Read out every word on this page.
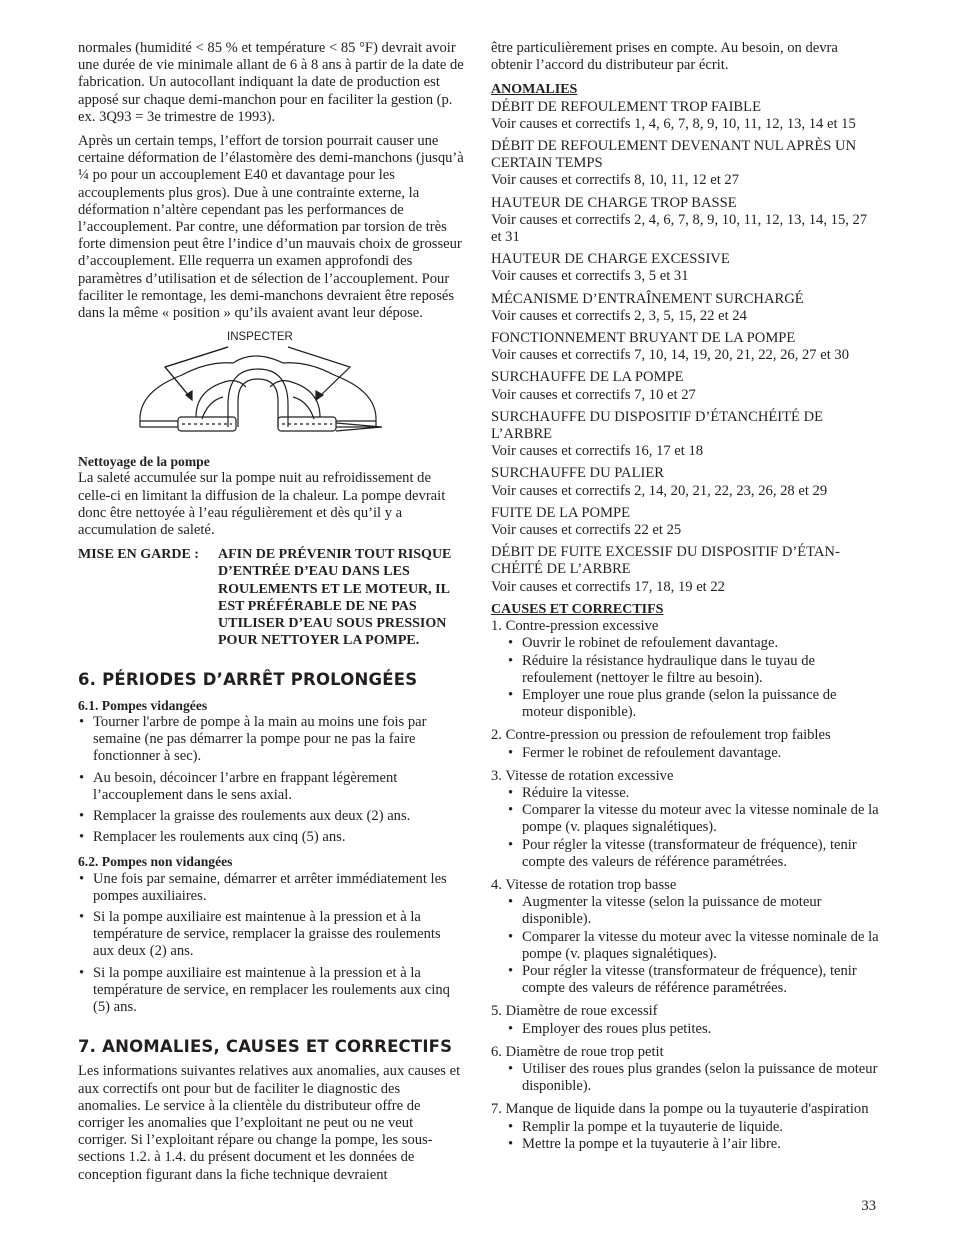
normales (humidité < 85 % et température < 85 °F) devrait avoir une durée de vie minimale allant de 6 à 8 ans à partir de la date de fabrication. Un autocollant indiquant la date de production est apposé sur chaque demi-manchon pour en faciliter la gestion (p. ex. 3Q93 = 3e trimestre de 1993).

Après un certain temps, l’effort de torsion pourrait causer une certaine déformation de l’élastomère des demi-manchons (jusqu’à ¼ po pour un accouplement E40 et davantage pour les accouplements plus gros). Due à une contrainte externe, la déformation n’altère cependant pas les performances de l’accouplement. Par contre, une déformation par torsion de très forte dimension peut être l’indice d’un mauvais choix de grosseur d’accouplement. Elle requerra un examen approfondi des paramètres d’utilisation et de sélection de l’accouplement. Pour faciliter le remontage, les demi-manchons devraient être reposés dans la même « position » qu’ils avaient avant leur dépose.

INSPECTER

Nettoyage de la pompe

La saleté accumulée sur la pompe nuit au refroidissement de celle-ci en limitant la diffusion de la chaleur. La pompe devrait donc être nettoyée à l’eau régulièrement et dès qu’il y a accumulation de saleté.

MISE EN GARDE :	AFIN DE PRÉVENIR TOUT RISQUE D’ENTRÉE D’EAU DANS LES ROULEMENTS ET LE MOTEUR, IL EST PRÉFÉRABLE DE NE PAS UTILISER D’EAU SOUS PRESSION POUR NETTOYER LA POMPE.
6. PÉRIODES D’ARRÊT PROLONGÉES

6.1. Pompes vidangées

• Tourner l'arbre de pompe à la main au moins une fois par semaine (ne pas démarrer la pompe pour ne pas la faire fonctionner à sec).
• Au besoin, décoincer l’arbre en frappant légèrement l’accouplement dans le sens axial.
• Remplacer la graisse des roulements aux deux (2) ans.
• Remplacer les roulements aux cinq (5) ans.

6.2. Pompes non vidangées

• Une fois par semaine, démarrer et arrêter immédiatement les pompes auxiliaires.
• Si la pompe auxiliaire est maintenue à la pression et à la température de service, remplacer la graisse des roulements aux deux (2) ans.
• Si la pompe auxiliaire est maintenue à la pression et à la température de service, en remplacer les roulements aux cinq (5) ans.
7. ANOMALIES, CAUSES ET CORRECTIFS

Les informations suivantes relatives aux anomalies, aux causes et aux correctifs ont pour but de faciliter le diagnostic des anomalies. Le service à la clientèle du distributeur offre de corriger les anomalies que l’exploitant ne peut ou ne veut corriger. Si l’exploitant répare ou change la pompe, les sous-sections 1.2. à 1.4. du présent document et les données de conception figurant dans la fiche technique devraient

être particulièrement prises en compte. Au besoin, on devra obtenir l’accord du distributeur par écrit.

ANOMALIES

DÉBIT DE REFOULEMENT TROP FAIBLE
Voir causes et correctifs 1, 4, 6, 7, 8, 9, 10, 11, 12, 13, 14 et 15
DÉBIT DE REFOULEMENT DEVENANT NUL APRÈS UN CERTAIN TEMPS
Voir causes et correctifs 8, 10, 11, 12 et 27
HAUTEUR DE CHARGE TROP BASSE
Voir causes et correctifs 2, 4, 6, 7, 8, 9, 10, 11, 12, 13, 14, 15, 27 et 31
HAUTEUR DE CHARGE EXCESSIVE
Voir causes et correctifs 3, 5 et 31
MÉCANISME D’ENTRAÎNEMENT SURCHARGÉ
Voir causes et correctifs 2, 3, 5, 15, 22 et 24
FONCTIONNEMENT BRUYANT DE LA POMPE
Voir causes et correctifs 7, 10, 14, 19, 20, 21, 22, 26, 27 et 30
SURCHAUFFE DE LA POMPE
Voir causes et correctifs 7, 10 et 27
SURCHAUFFE DU DISPOSITIF D’ÉTANCHÉITÉ DE L’ARBRE
Voir causes et correctifs 16, 17 et 18
SURCHAUFFE DU PALIER
Voir causes et correctifs 2, 14, 20, 21, 22, 23, 26, 28 et 29
FUITE DE LA POMPE
Voir causes et correctifs 22 et 25
DÉBIT DE FUITE EXCESSIF DU DISPOSITIF D’ÉTAN-CHÉITÉ DE L’ARBRE
Voir causes et correctifs 17, 18, 19 et 22

CAUSES ET CORRECTIFS

1. Contre-pression excessive
• Ouvrir le robinet de refoulement davantage.
• Réduire la résistance hydraulique dans le tuyau de refoulement (nettoyer le filtre au besoin).
• Employer une roue plus grande (selon la puissance de moteur disponible).
2. Contre-pression ou pression de refoulement trop faibles
• Fermer le robinet de refoulement davantage.
3. Vitesse de rotation excessive
• Réduire la vitesse.
• Comparer la vitesse du moteur avec la vitesse nominale de la pompe (v. plaques signalétiques).
• Pour régler la vitesse (transformateur de fréquence), tenir compte des valeurs de référence paramétrées.
4. Vitesse de rotation trop basse
• Augmenter la vitesse (selon la puissance de moteur disponible).
• Comparer la vitesse du moteur avec la vitesse nominale de la pompe (v. plaques signalétiques).
• Pour régler la vitesse (transformateur de fréquence), tenir compte des valeurs de référence paramétrées.
5. Diamètre de roue excessif
• Employer des roues plus petites.
6. Diamètre de roue trop petit
• Utiliser des roues plus grandes (selon la puissance de moteur disponible).
7. Manque de liquide dans la pompe ou la tuyauterie d'aspiration
• Remplir la pompe et la tuyauterie de liquide.
• Mettre la pompe et la tuyauterie à l’air libre.
33
